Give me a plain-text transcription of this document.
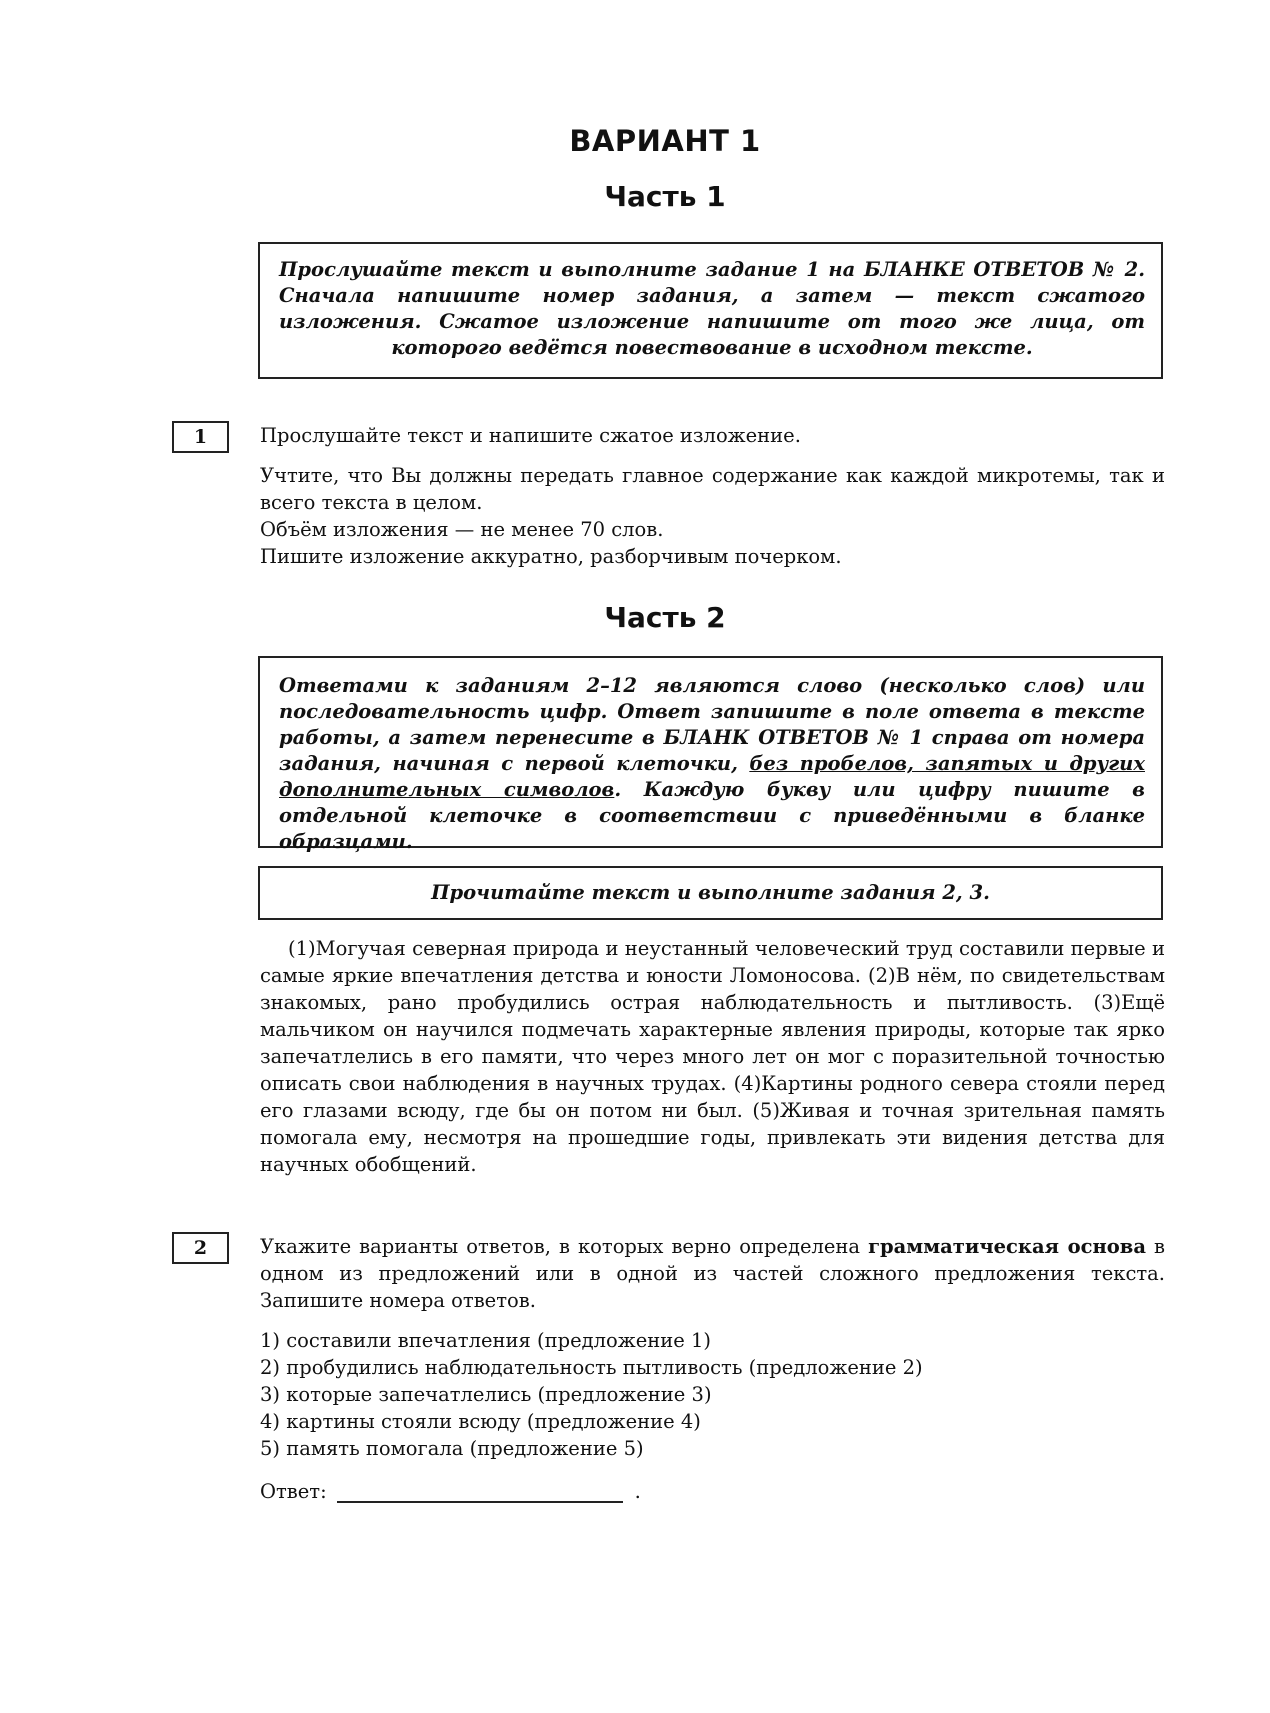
ВАРИАНТ 1
Часть 1

Прослушайте текст и выполните задание 1 на БЛАНКЕ ОТВЕТОВ № 2. Сначала напишите номер задания, а затем — текст сжатого изложения. Сжатое изложение напишите от того же лица, от которого ведётся повествование в исходном тексте.

1	Прослушайте текст и напишите сжатое изложение.

Учтите, что Вы должны передать главное содержание как каждой микротемы, так и всего текста в целом.

Объём изложения — не менее 70 слов.

Пишите изложение аккуратно, разборчивым почерком.

Часть 2

Ответами к заданиям 2–12 являются слово (несколько слов) или последовательность цифр. Ответ запишите в поле ответа в тексте работы, а затем перенесите в БЛАНК ОТВЕТОВ № 1 справа от номера задания, начиная с первой клеточки, без пробелов, запятых и других дополнительных символов. Каждую букву или цифру пишите в отдельной клеточке в соответствии с приведёнными в бланке образцами.

Прочитайте текст и выполните задания 2, 3.

(1)Могучая северная природа и неустанный человеческий труд составили первые и самые яркие впечатления детства и юности Ломоносова. (2)В нём, по свидетельствам знакомых, рано пробудились острая наблюдательность и пытливость. (3)Ещё мальчиком он научился подмечать характерные явления природы, которые так ярко запечатлелись в его памяти, что через много лет он мог с поразительной точностью описать свои наблюдения в научных трудах. (4)Картины родного севера стояли перед его глазами всюду, где бы он потом ни был. (5)Живая и точная зрительная память помогала ему, несмотря на прошедшие годы, привлекать эти видения детства для научных обобщений.

2	Укажите варианты ответов, в которых верно определена грамматическая основа в одном из предложений или в одной из частей сложного предложения текста. Запишите номера ответов.

1) составили впечатления (предложение 1)

2) пробудились наблюдательность пытливость (предложение 2)

3) которые запечатлелись (предложение 3)

4) картины стояли всюду (предложение 4)

5) память помогала (предложение 5)

Ответ:	.
